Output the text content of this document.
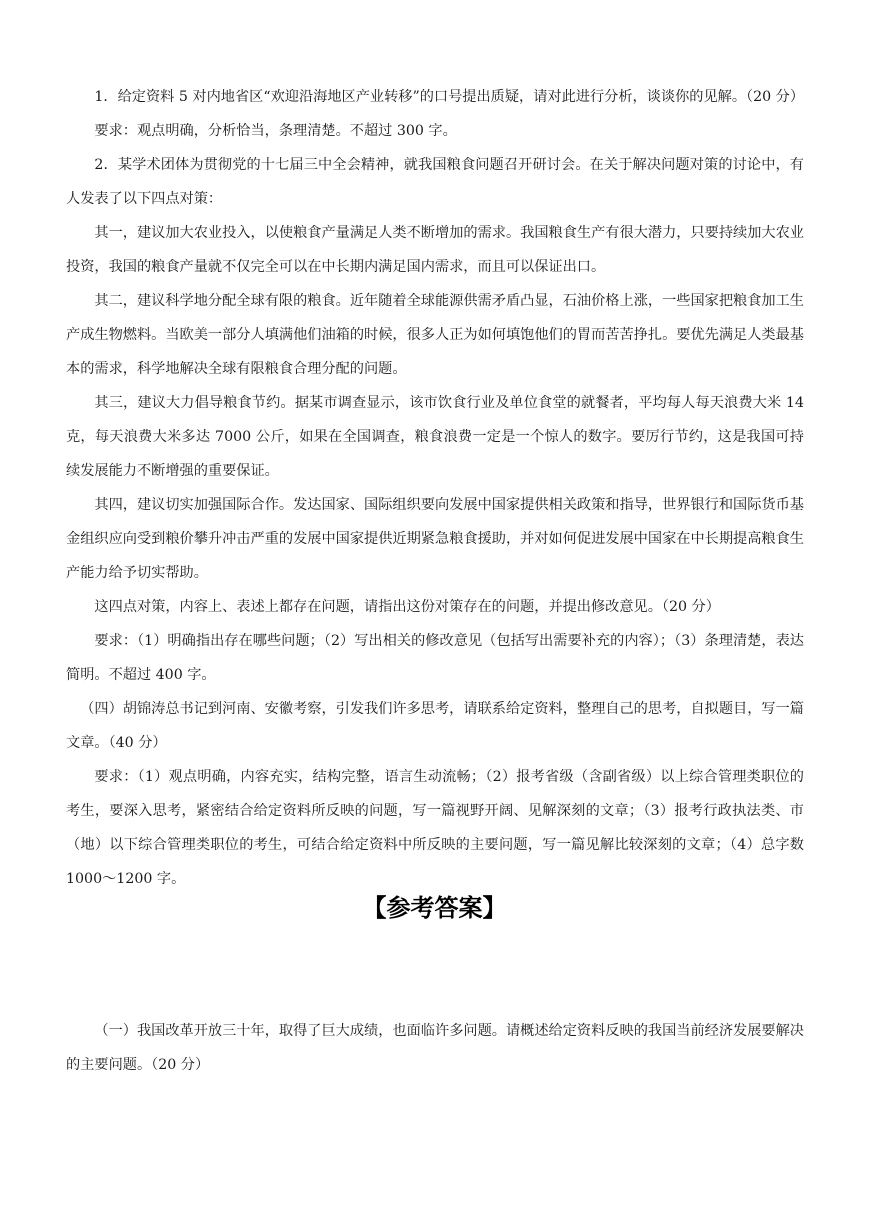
1．给定资料 5 对内地省区“欢迎沿海地区产业转移”的口号提出质疑，请对此进行分析，谈谈你的见解。（20 分）

要求：观点明确，分析恰当，条理清楚。不超过 300 字。

2．某学术团体为贯彻党的十七届三中全会精神，就我国粮食问题召开研讨会。在关于解决问题对策的讨论中，有人发表了以下四点对策：

其一，建议加大农业投入，以使粮食产量满足人类不断增加的需求。我国粮食生产有很大潜力，只要持续加大农业投资，我国的粮食产量就不仅完全可以在中长期内满足国内需求，而且可以保证出口。

其二，建议科学地分配全球有限的粮食。近年随着全球能源供需矛盾凸显，石油价格上涨，一些国家把粮食加工生产成生物燃料。当欧美一部分人填满他们油箱的时候，很多人正为如何填饱他们的胃而苦苦挣扎。要优先满足人类最基本的需求，科学地解决全球有限粮食合理分配的问题。

其三，建议大力倡导粮食节约。据某市调查显示，该市饮食行业及单位食堂的就餐者，平均每人每天浪费大米 14 克，每天浪费大米多达 7000 公斤，如果在全国调查，粮食浪费一定是一个惊人的数字。要厉行节约，这是我国可持续发展能力不断增强的重要保证。

其四，建议切实加强国际合作。发达国家、国际组织要向发展中国家提供相关政策和指导，世界银行和国际货币基金组织应向受到粮价攀升冲击严重的发展中国家提供近期紧急粮食援助，并对如何促进发展中国家在中长期提高粮食生产能力给予切实帮助。

这四点对策，内容上、表述上都存在问题，请指出这份对策存在的问题，并提出修改意见。（20 分）

要求：（1）明确指出存在哪些问题；（2）写出相关的修改意见（包括写出需要补充的内容）；（3）条理清楚，表达简明。不超过 400 字。

（四）胡锦涛总书记到河南、安徽考察，引发我们许多思考，请联系给定资料，整理自己的思考，自拟题目，写一篇文章。（40 分）

要求：（1）观点明确，内容充实，结构完整，语言生动流畅；（2）报考省级（含副省级）以上综合管理类职位的考生，要深入思考，紧密结合给定资料所反映的问题，写一篇视野开阔、见解深刻的文章；（3）报考行政执法类、市（地）以下综合管理类职位的考生，可结合给定资料中所反映的主要问题，写一篇见解比较深刻的文章；（4）总字数 1000～1200 字。

【参考答案】

（一）我国改革开放三十年，取得了巨大成绩，也面临许多问题。请概述给定资料反映的我国当前经济发展要解决的主要问题。（20 分）
